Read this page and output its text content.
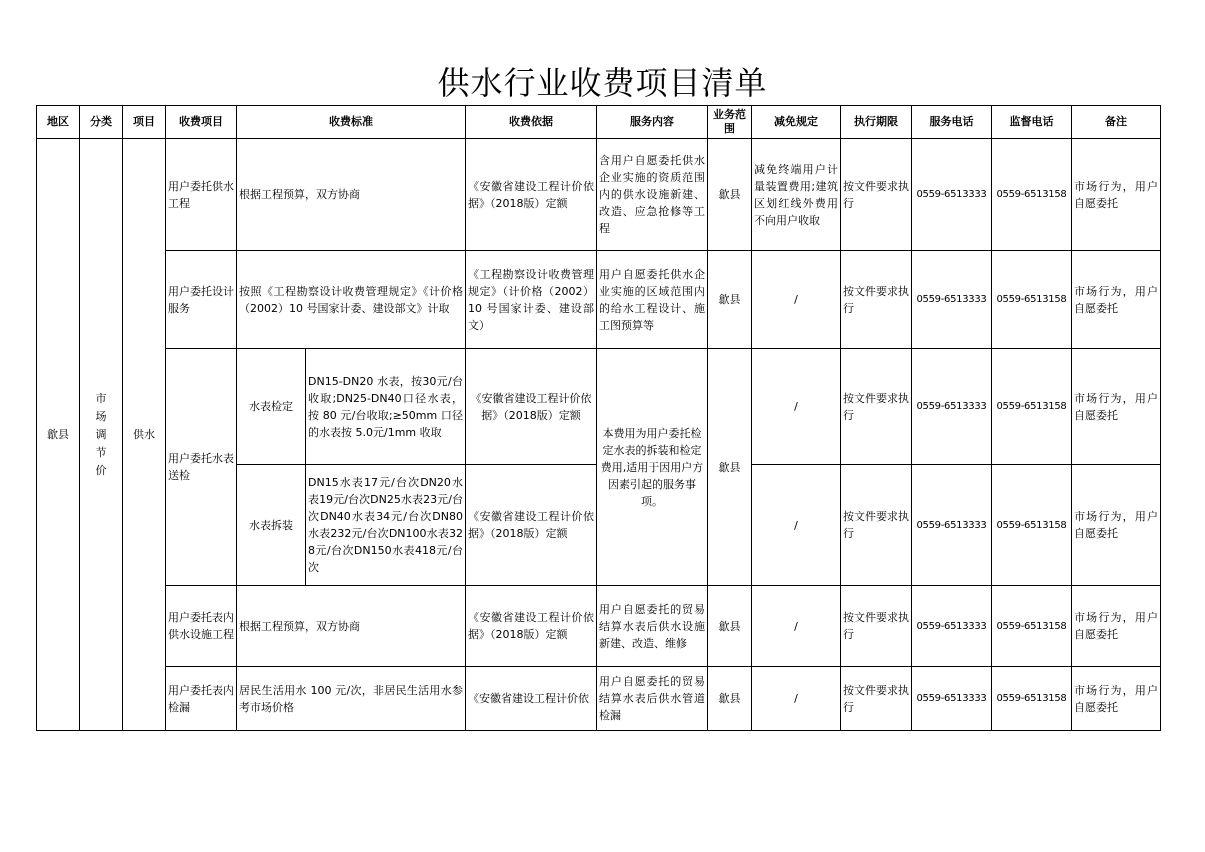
供水行业收费项目清单
地区	分类	项目	收费项目	收费标准		收费依据	服务内容	业务范围	减免规定	执行期限	服务电话	监督电话	备注
歙县	市场调节价	供水	用户委托供水工程	根据工程预算，双方协商		《安徽省建设工程计价依据》（2018版）定额	含用户自愿委托供水企业实施的资质范围内的供水设施新建、改造、应急抢修等工程	歙县	减免终端用户计量装置费用;建筑区划红线外费用不向用户收取	按文件要求执行	0559-6513333	0559-6513158	市场行为，用户自愿委托
			用户委托设计服务	按照《工程勘察设计收费管理规定》《计价格（2002）10 号国家计委、建设部文》计取		《工程勘察设计收费管理规定》（计价格（2002）10 号国家计委、建设部文）	用户自愿委托供水企业实施的区域范围内的给水工程设计、施工图预算等	歙县	/	按文件要求执行	0559-6513333	0559-6513158	市场行为，用户自愿委托
			用户委托水表送检	水表检定	DN15-DN20 水表，按30元/台收取;DN25-DN40口径水表，按 80 元/台收取;≥50mm 口径的水表按 5.0元/1mm 收取	《安徽省建设工程计价依据》（2018版）定额	本费用为用户委托检定水表的拆装和检定费用,适用于因用户方因素引起的服务事项。	歙县	/	按文件要求执行	0559-6513333	0559-6513158	市场行为，用户自愿委托
				水表拆装	DN15水表17元/台次DN20水表19元/台次DN25水表23元/台次DN40水表34元/台次DN80水表232元/台次DN100水表328元/台次DN150水表418元/台次	《安徽省建设工程计价依据》（2018版）定额			/	按文件要求执行	0559-6513333	0559-6513158	市场行为，用户自愿委托
			用户委托表内供水设施工程	根据工程预算，双方协商		《安徽省建设工程计价依据》（2018版）定额	用户自愿委托的贸易结算水表后供水设施新建、改造、维修	歙县	/	按文件要求执行	0559-6513333	0559-6513158	市场行为，用户自愿委托
			用户委托表内检漏	居民生活用水 100 元/次，非居民生活用水参考市场价格		《安徽省建设工程计价依	用户自愿委托的贸易结算水表后供水管道检漏	歙县	/	按文件要求执行	0559-6513333	0559-6513158	市场行为，用户自愿委托
